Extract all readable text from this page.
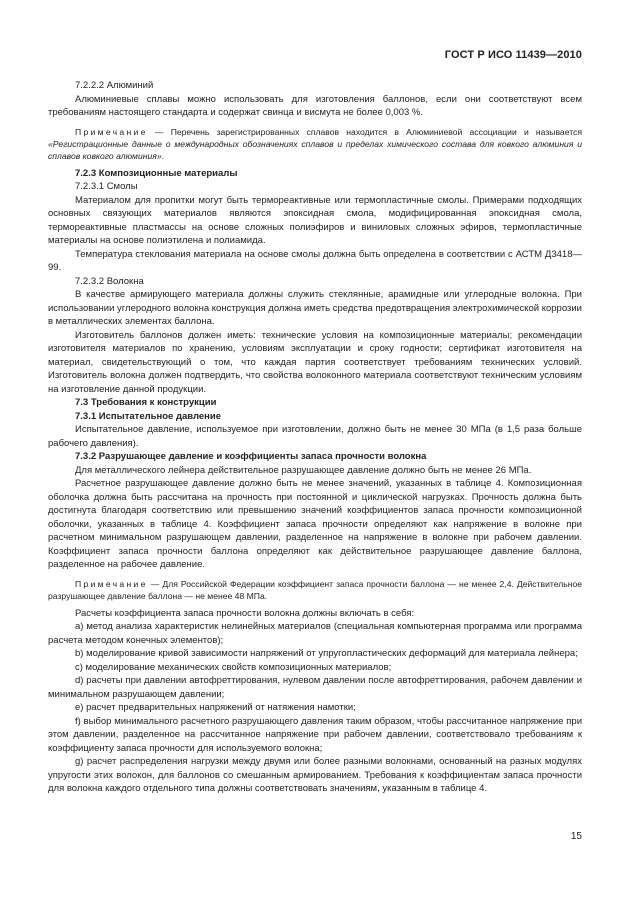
ГОСТ Р ИСО 11439—2010

7.2.2.2 Алюминий

Алюминиевые сплавы можно использовать для изготовления баллонов, если они соответствуют всем требованиям настоящего стандарта и содержат свинца и висмута не более 0,003 %.

Примечание — Перечень зарегистрированных сплавов находится в Алюминиевой ассоциации и называется «Регистрационные данные о международных обозначениях сплавов и пределах химического состава для ковкого алюминия и сплавов ковкого алюминия».

7.2.3 Композиционные материалы

7.2.3.1 Смолы

Материалом для пропитки могут быть термореактивные или термопластичные смолы. Примерами подходящих основных связующих материалов являются эпоксидная смола, модифицированная эпоксидная смола, термореактивные пластмассы на основе сложных полиэфиров и виниловых сложных эфиров, термопластичные материалы на основе полиэтилена и полиамида.

Температура стеклования материала на основе смолы должна быть определена в соответствии с АСТМ Д3418—99.

7.2.3.2 Волокна

В качестве армирующего материала должны служить стеклянные, арамидные или углеродные волокна. При использовании углеродного волокна конструкция должна иметь средства предотвращения электрохимической коррозии в металлических элементах баллона.

Изготовитель баллонов должен иметь: технические условия на композиционные материалы; рекомендации изготовителя материалов по хранению, условиям эксплуатации и сроку годности; сертификат изготовителя на материал, свидетельствующий о том, что каждая партия соответствует требованиям технических условий. Изготовитель волокна должен подтвердить, что свойства волоконного материала соответствуют техническим условиям на изготовление данной продукции.

7.3 Требования к конструкции

7.3.1 Испытательное давление

Испытательное давление, используемое при изготовлении, должно быть не менее 30 МПа (в 1,5 раза больше рабочего давления).

7.3.2 Разрушающее давление и коэффициенты запаса прочности волокна

Для металлического лейнера действительное разрушающее давление должно быть не менее 26 МПа.

Расчетное разрушающее давление должно быть не менее значений, указанных в таблице 4. Композиционная оболочка должна быть рассчитана на прочность при постоянной и циклической нагрузках. Прочность должна быть достигнута благодаря соответствию или превышению значений коэффициентов запаса прочности композиционной оболочки, указанных в таблице 4. Коэффициент запаса прочности определяют как напряжение в волокне при расчетном минимальном разрушающем давлении, разделенное на напряжение в волокне при рабочем давлении. Коэффициент запаса прочности баллона определяют как действительное разрушающее давление баллона, разделенное на рабочее давление.

Примечание — Для Российской Федерации коэффициент запаса прочности баллона — не менее 2,4. Действительное разрушающее давление баллона — не менее 48 МПа.

Расчеты коэффициента запаса прочности волокна должны включать в себя:

а) метод анализа характеристик нелинейных материалов (специальная компьютерная программа или программа расчета методом конечных элементов);

b) моделирование кривой зависимости напряжений от упругопластических деформаций для материала лейнера;

с) моделирование механических свойств композиционных материалов;

d) расчеты при давлении автофреттирования, нулевом давлении после автофреттирования, рабочем давлении и минимальном разрушающем давлении;

е) расчет предварительных напряжений от натяжения намотки;

f) выбор минимального расчетного разрушающего давления таким образом, чтобы рассчитанное напряжение при этом давлении, разделенное на рассчитанное напряжение при рабочем давлении, соответствовало требованиям к коэффициенту запаса прочности для используемого волокна;

g) расчет распределения нагрузки между двумя или более разными волокнами, основанный на разных модулях упругости этих волокон, для баллонов со смешанным армированием. Требования к коэффициентам запаса прочности для волокна каждого отдельного типа должны соответствовать значениям, указанным в таблице 4.

15
